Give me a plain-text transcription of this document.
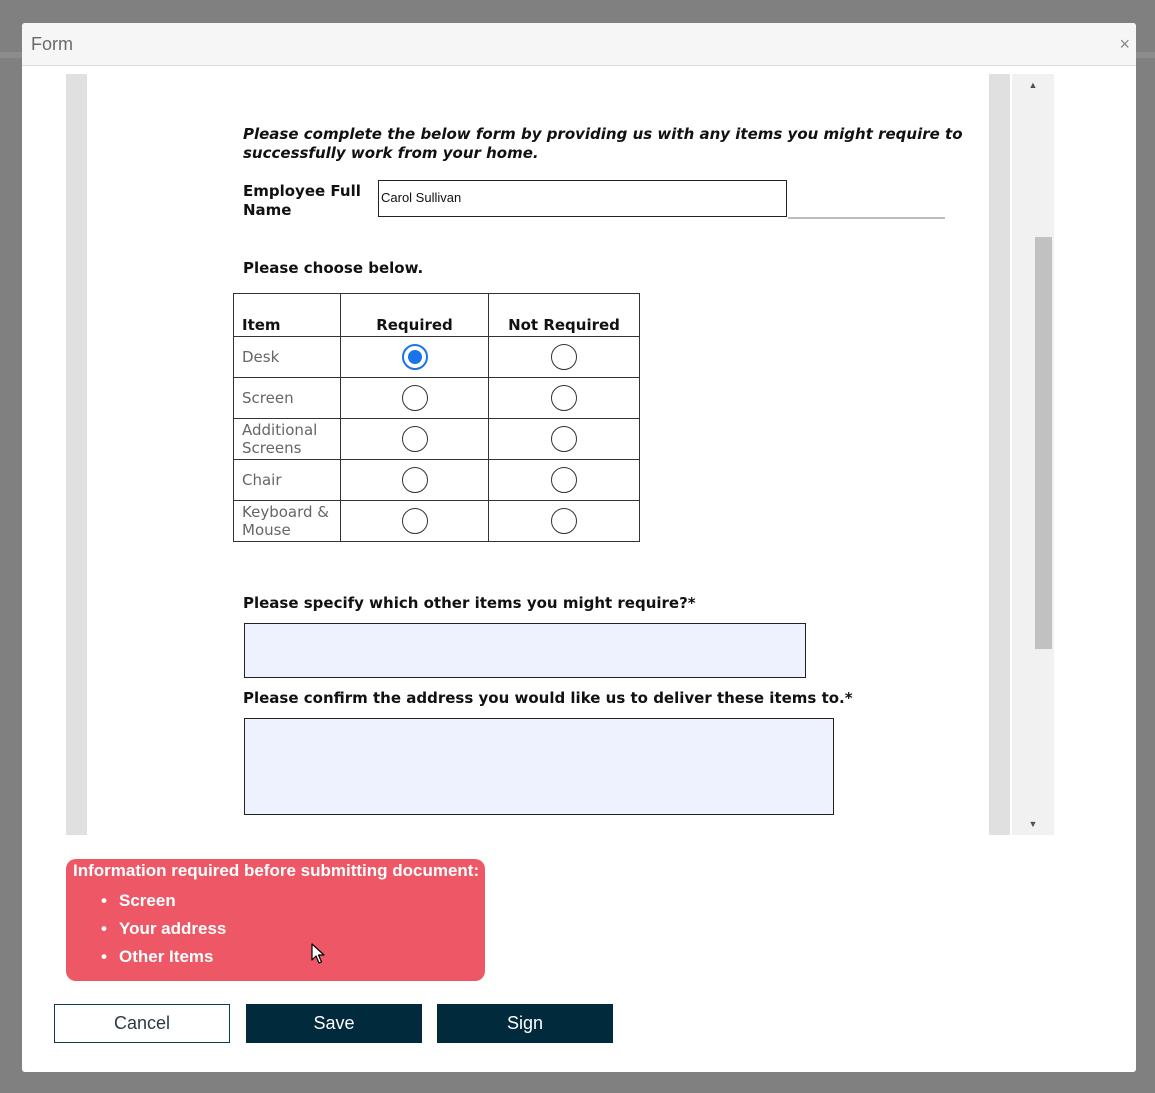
Form	×
Please complete the below form by providing us with any items you might require to successfully work from your home.
Employee Full Name
Carol Sullivan
Please choose below.
Item	Required	Not Required
Desk		
Screen		
Additional Screens		
Chair		
Keyboard & Mouse		
Please specify which other items you might require?*
Please confirm the address you would like us to deliver these items to.*
▲
▼
Information required before submitting document:
• Screen
• Your address
• Other Items
Cancel	Save	Sign
